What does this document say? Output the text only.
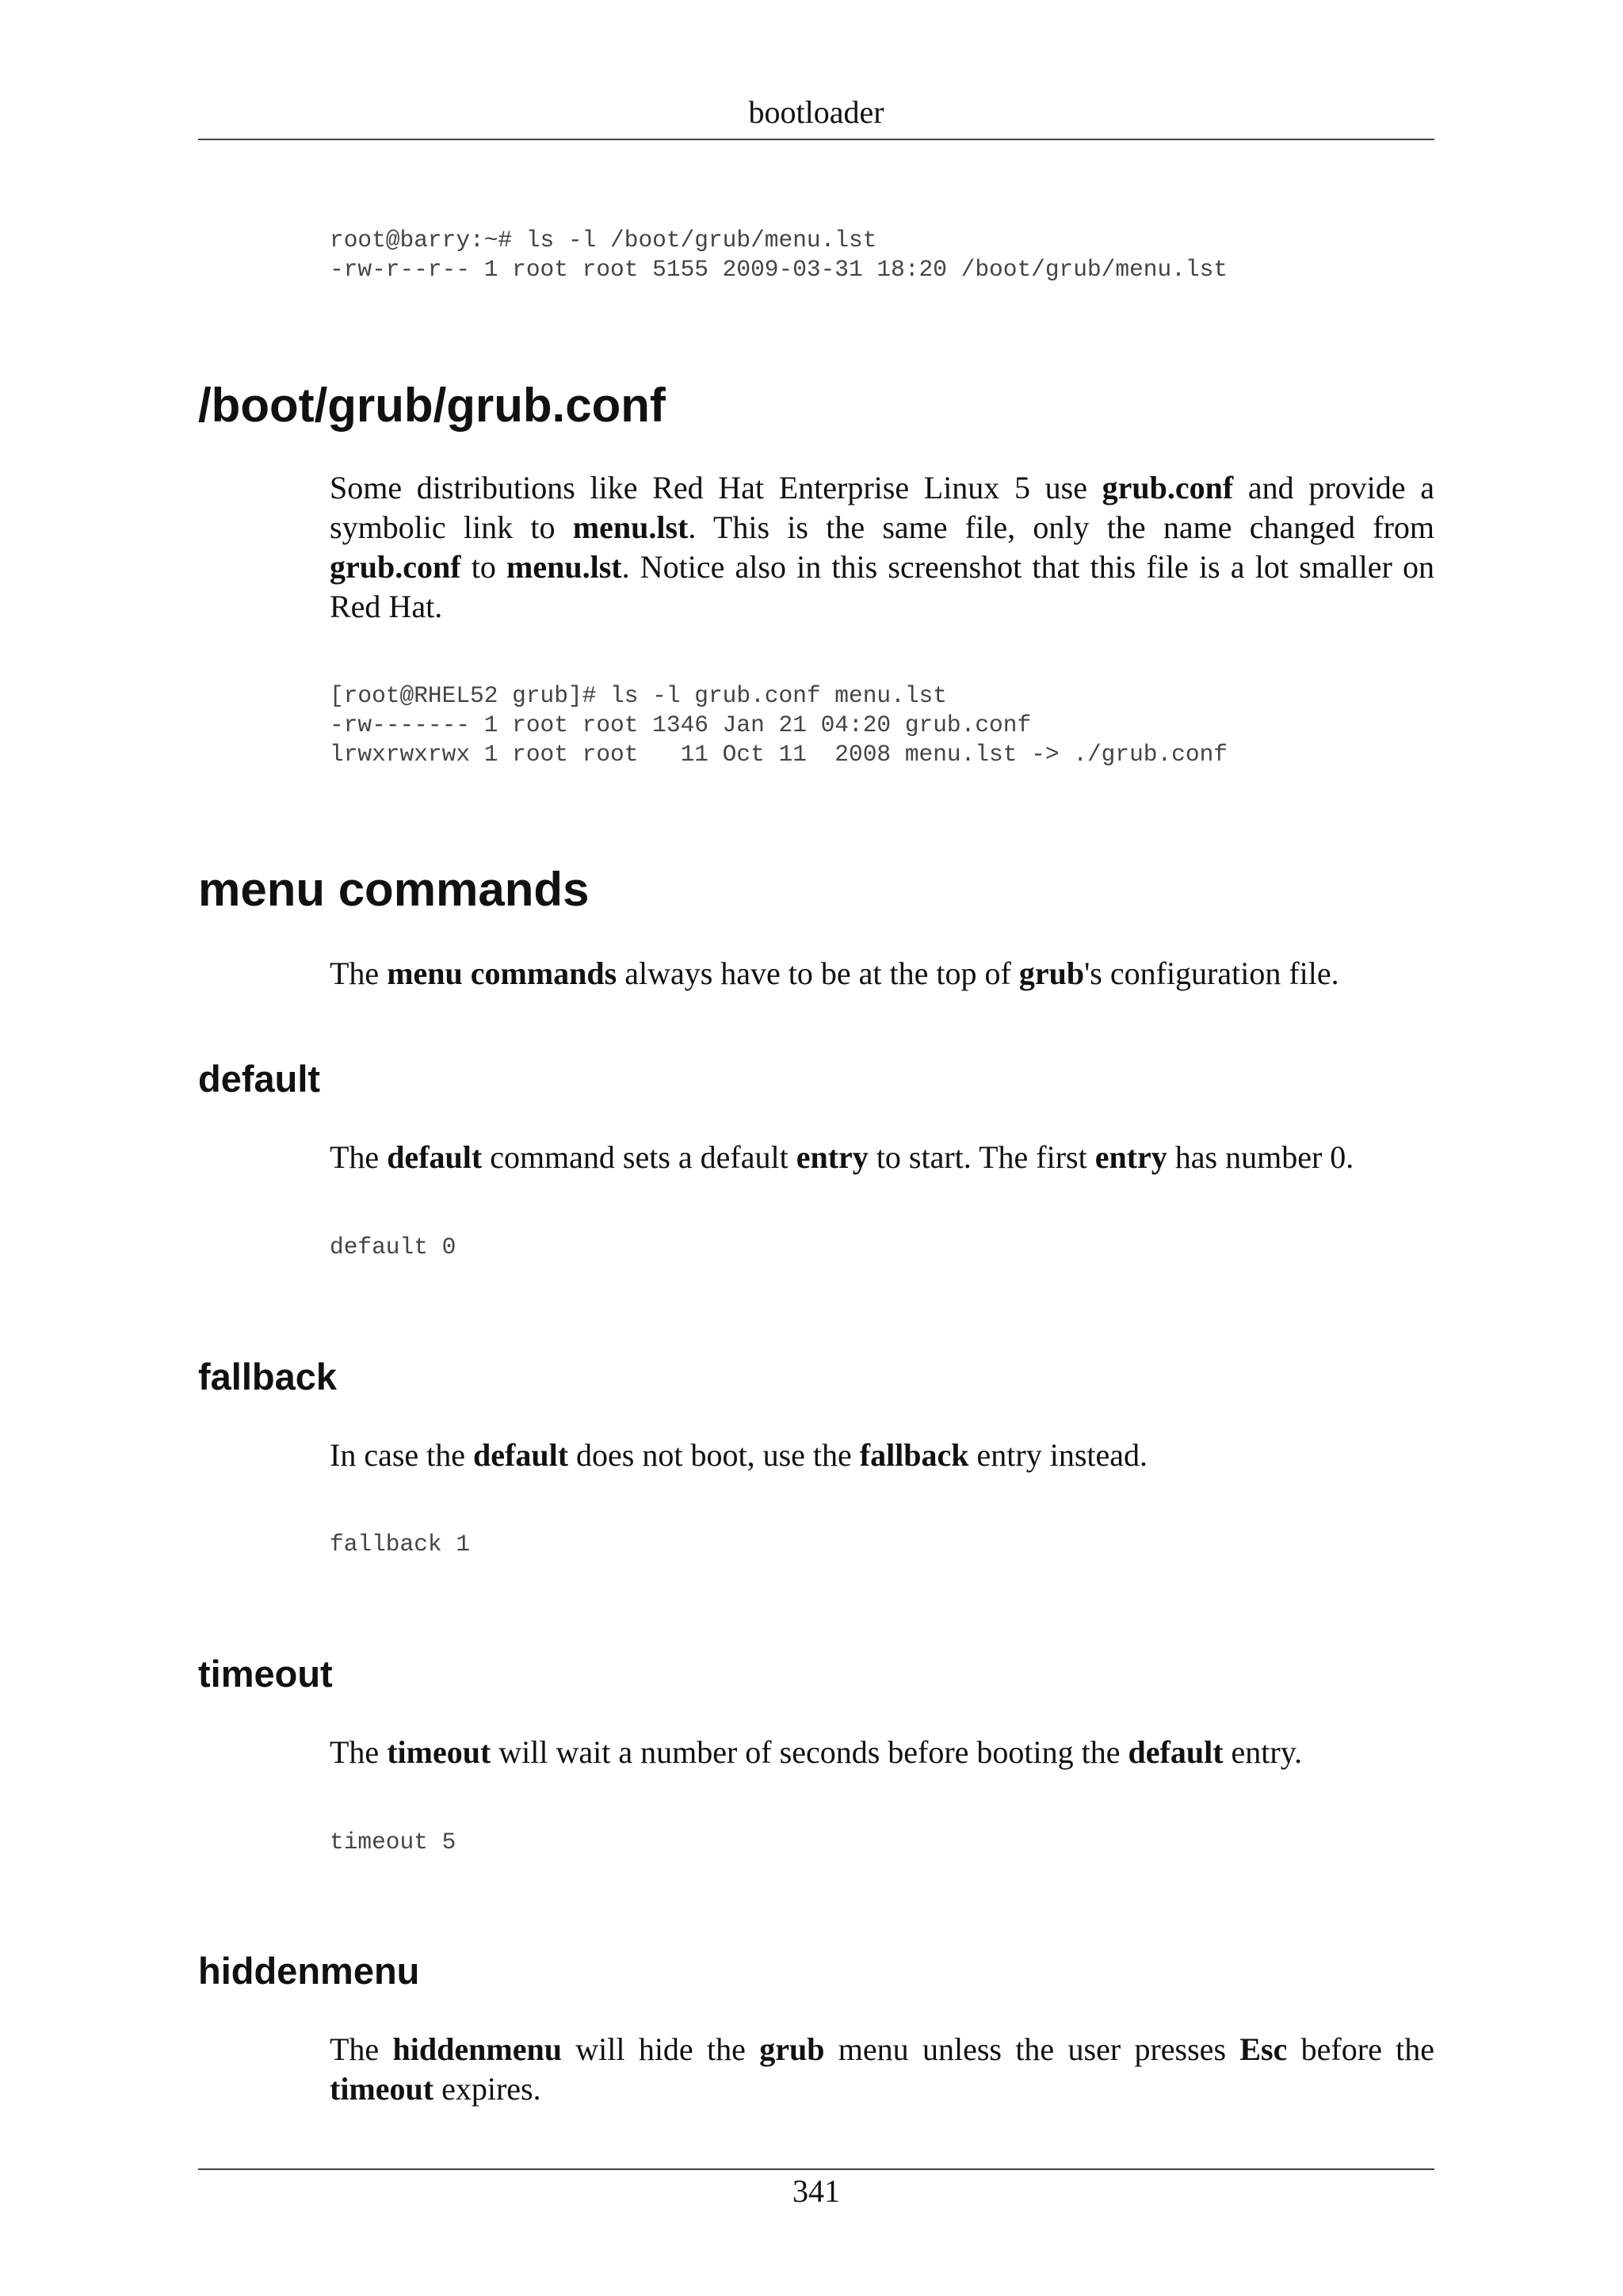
bootloader
root@barry:~# ls -l /boot/grub/menu.lst
-rw-r--r-- 1 root root 5155 2009-03-31 18:20 /boot/grub/menu.lst
/boot/grub/grub.conf

Some distributions like Red Hat Enterprise Linux 5 use grub.conf and provide a symbolic link to menu.lst. This is the same file, only the name changed from grub.conf to menu.lst. Notice also in this screenshot that this file is a lot smaller on Red Hat.

[root@RHEL52 grub]# ls -l grub.conf menu.lst
-rw------- 1 root root 1346 Jan 21 04:20 grub.conf
lrwxrwxrwx 1 root root   11 Oct 11  2008 menu.lst -> ./grub.conf
menu commands

The menu commands always have to be at the top of grub's configuration file.

default

The default command sets a default entry to start. The first entry has number 0.

default 0
fallback

In case the default does not boot, use the fallback entry instead.

fallback 1
timeout

The timeout will wait a number of seconds before booting the default entry.

timeout 5
hiddenmenu

The hiddenmenu will hide the grub menu unless the user presses Esc before the timeout expires.

341
